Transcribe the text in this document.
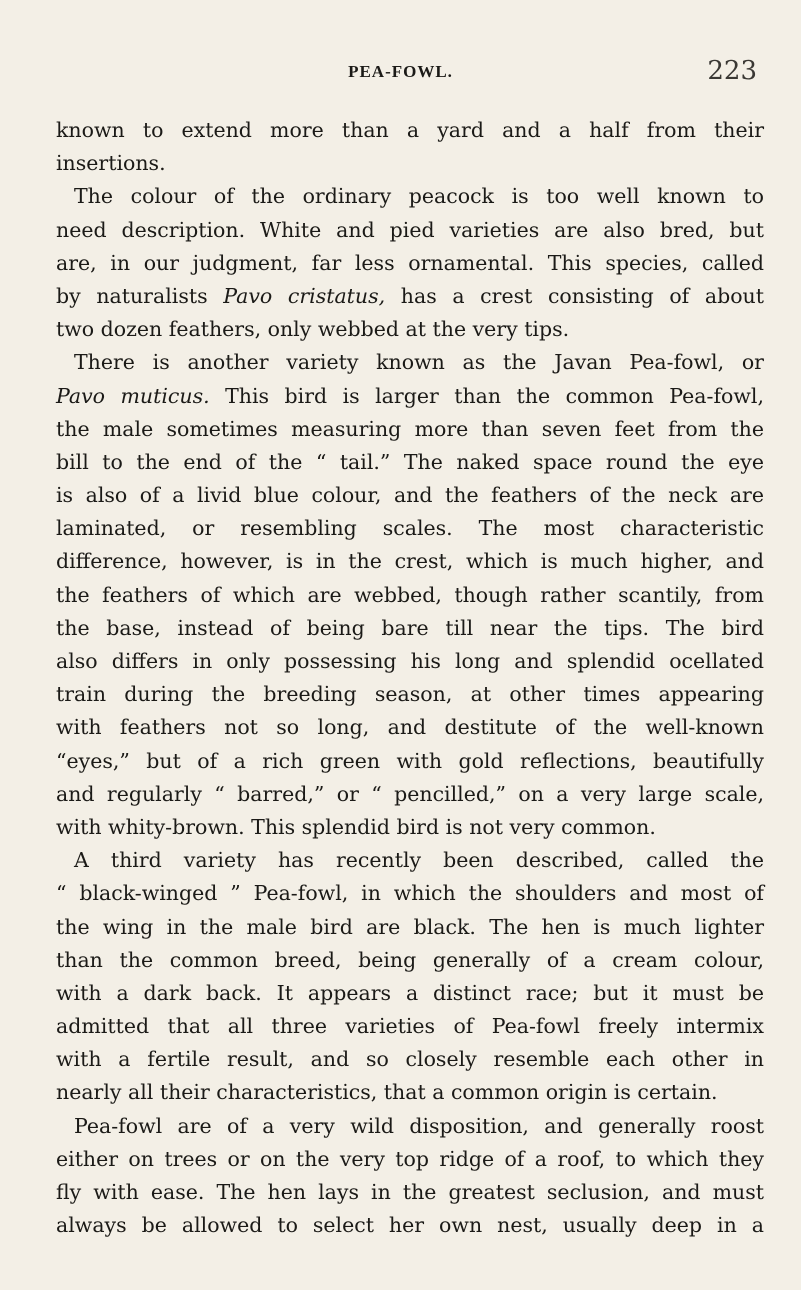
PEA-FOWL.	223
known to extend more than a yard and a half from their
insertions.
The colour of the ordinary peacock is too well known to
need description. White and pied varieties are also bred, but
are, in our judgment, far less ornamental. This species, called
by naturalists Pavo cristatus, has a crest consisting of about
two dozen feathers, only webbed at the very tips.
There is another variety known as the Javan Pea-fowl, or
Pavo muticus. This bird is larger than the common Pea-fowl,
the male sometimes measuring more than seven feet from the
bill to the end of the “ tail.” The naked space round the eye
is also of a livid blue colour, and the feathers of the neck are
laminated, or resembling scales. The most characteristic
difference, however, is in the crest, which is much higher, and
the feathers of which are webbed, though rather scantily, from
the base, instead of being bare till near the tips. The bird
also differs in only possessing his long and splendid ocellated
train during the breeding season, at other times appearing
with feathers not so long, and destitute of the well-known
“eyes,” but of a rich green with gold reflections, beautifully
and regularly “ barred,” or “ pencilled,” on a very large scale,
with whity-brown. This splendid bird is not very common.
A third variety has recently been described, called the
“ black-winged ” Pea-fowl, in which the shoulders and most of
the wing in the male bird are black. The hen is much lighter
than the common breed, being generally of a cream colour,
with a dark back. It appears a distinct race; but it must be
admitted that all three varieties of Pea-fowl freely intermix
with a fertile result, and so closely resemble each other in
nearly all their characteristics, that a common origin is certain.
Pea-fowl are of a very wild disposition, and generally roost
either on trees or on the very top ridge of a roof, to which they
fly with ease. The hen lays in the greatest seclusion, and must
always be allowed to select her own nest, usually deep in a
